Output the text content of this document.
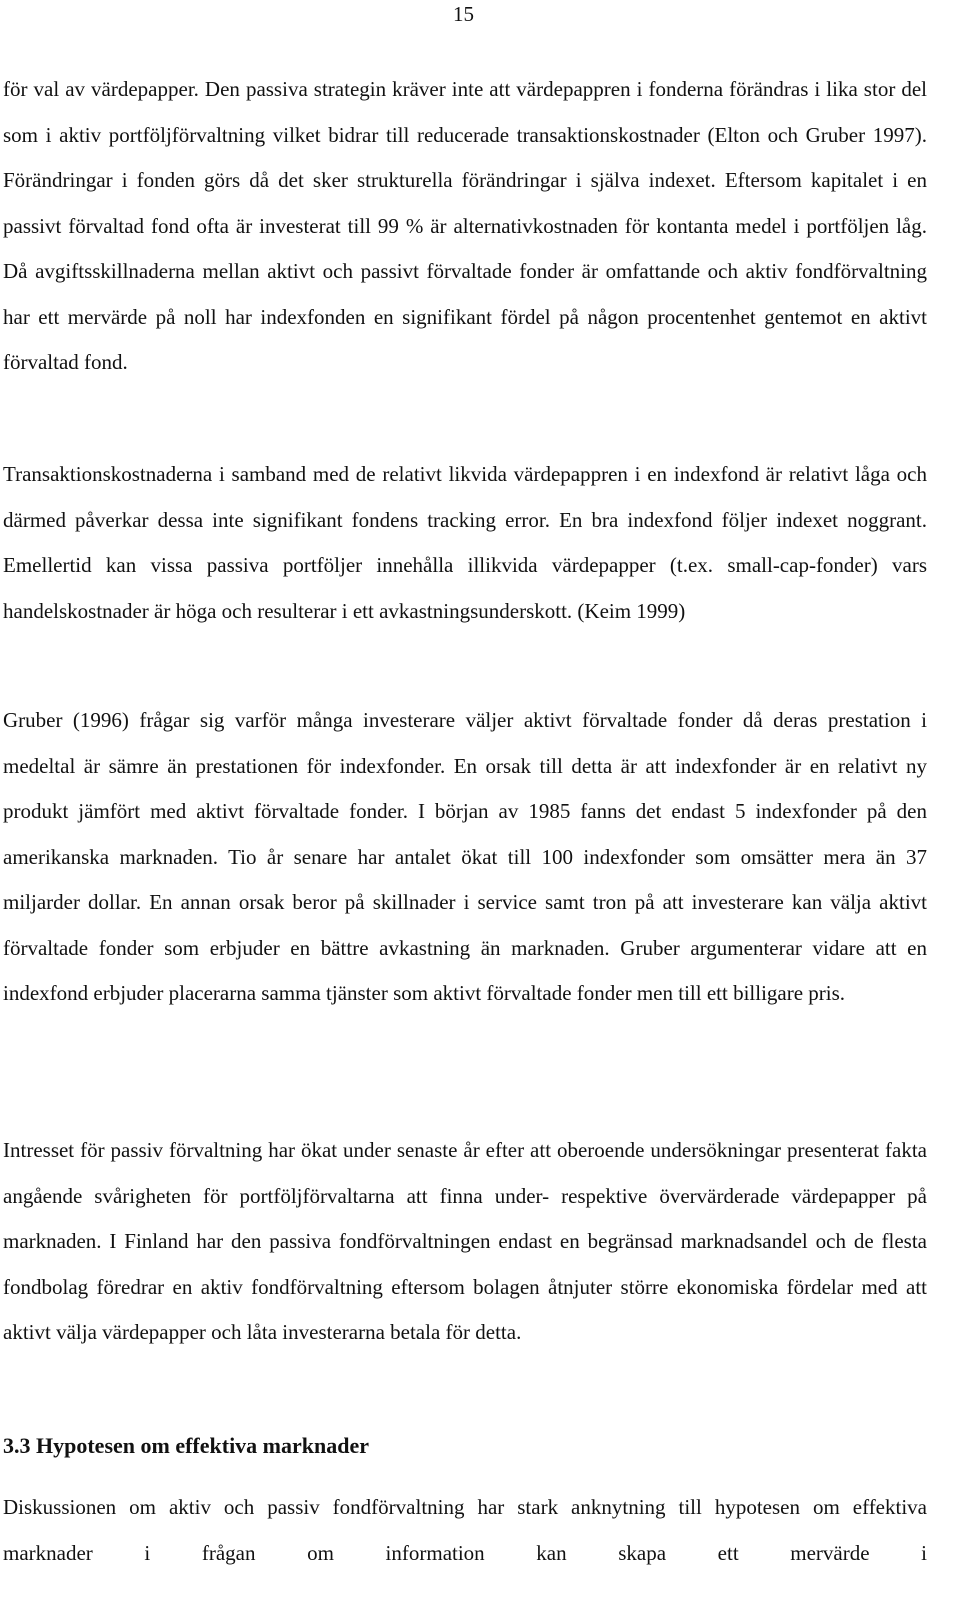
15

för val av värdepapper. Den passiva strategin kräver inte att värdepappren i fonderna förändras i lika stor del som i aktiv portföljförvaltning vilket bidrar till reducerade transaktionskostnader (Elton och Gruber 1997). Förändringar i fonden görs då det sker strukturella förändringar i själva indexet. Eftersom kapitalet i en passivt förvaltad fond ofta är investerat till 99 % är alternativkostnaden för kontanta medel i portföljen låg. Då avgiftsskillnaderna mellan aktivt och passivt förvaltade fonder är omfattande och aktiv fondförvaltning har ett mervärde på noll har indexfonden en signifikant fördel på någon procentenhet gentemot en aktivt förvaltad fond.

Transaktionskostnaderna i samband med de relativt likvida värdepappren i en indexfond är relativt låga och därmed påverkar dessa inte signifikant fondens tracking error. En bra indexfond följer indexet noggrant. Emellertid kan vissa passiva portföljer innehålla illikvida värdepapper (t.ex. small-cap-fonder) vars handelskostnader är höga och resulterar i ett avkastningsunderskott. (Keim 1999)

Gruber (1996) frågar sig varför många investerare väljer aktivt förvaltade fonder då deras prestation i medeltal är sämre än prestationen för indexfonder. En orsak till detta är att indexfonder är en relativt ny produkt jämfört med aktivt förvaltade fonder. I början av 1985 fanns det endast 5 indexfonder på den amerikanska marknaden. Tio år senare har antalet ökat till 100 indexfonder som omsätter mera än 37 miljarder dollar. En annan orsak beror på skillnader i service samt tron på att investerare kan välja aktivt förvaltade fonder som erbjuder en bättre avkastning än marknaden. Gruber argumenterar vidare att en indexfond erbjuder placerarna samma tjänster som aktivt förvaltade fonder men till ett billigare pris.

Intresset för passiv förvaltning har ökat under senaste år efter att oberoende undersökningar presenterat fakta angående svårigheten för portföljförvaltarna att finna under- respektive övervärderade värdepapper på marknaden. I Finland har den passiva fondförvaltningen endast en begränsad marknadsandel och de flesta fondbolag föredrar en aktiv fondförvaltning eftersom bolagen åtnjuter större ekonomiska fördelar med att aktivt välja värdepapper och låta investerarna betala för detta.

3.3 Hypotesen om effektiva marknader

Diskussionen om aktiv och passiv fondförvaltning har stark anknytning till hypotesen om effektiva marknader i frågan om information kan skapa ett mervärde i
